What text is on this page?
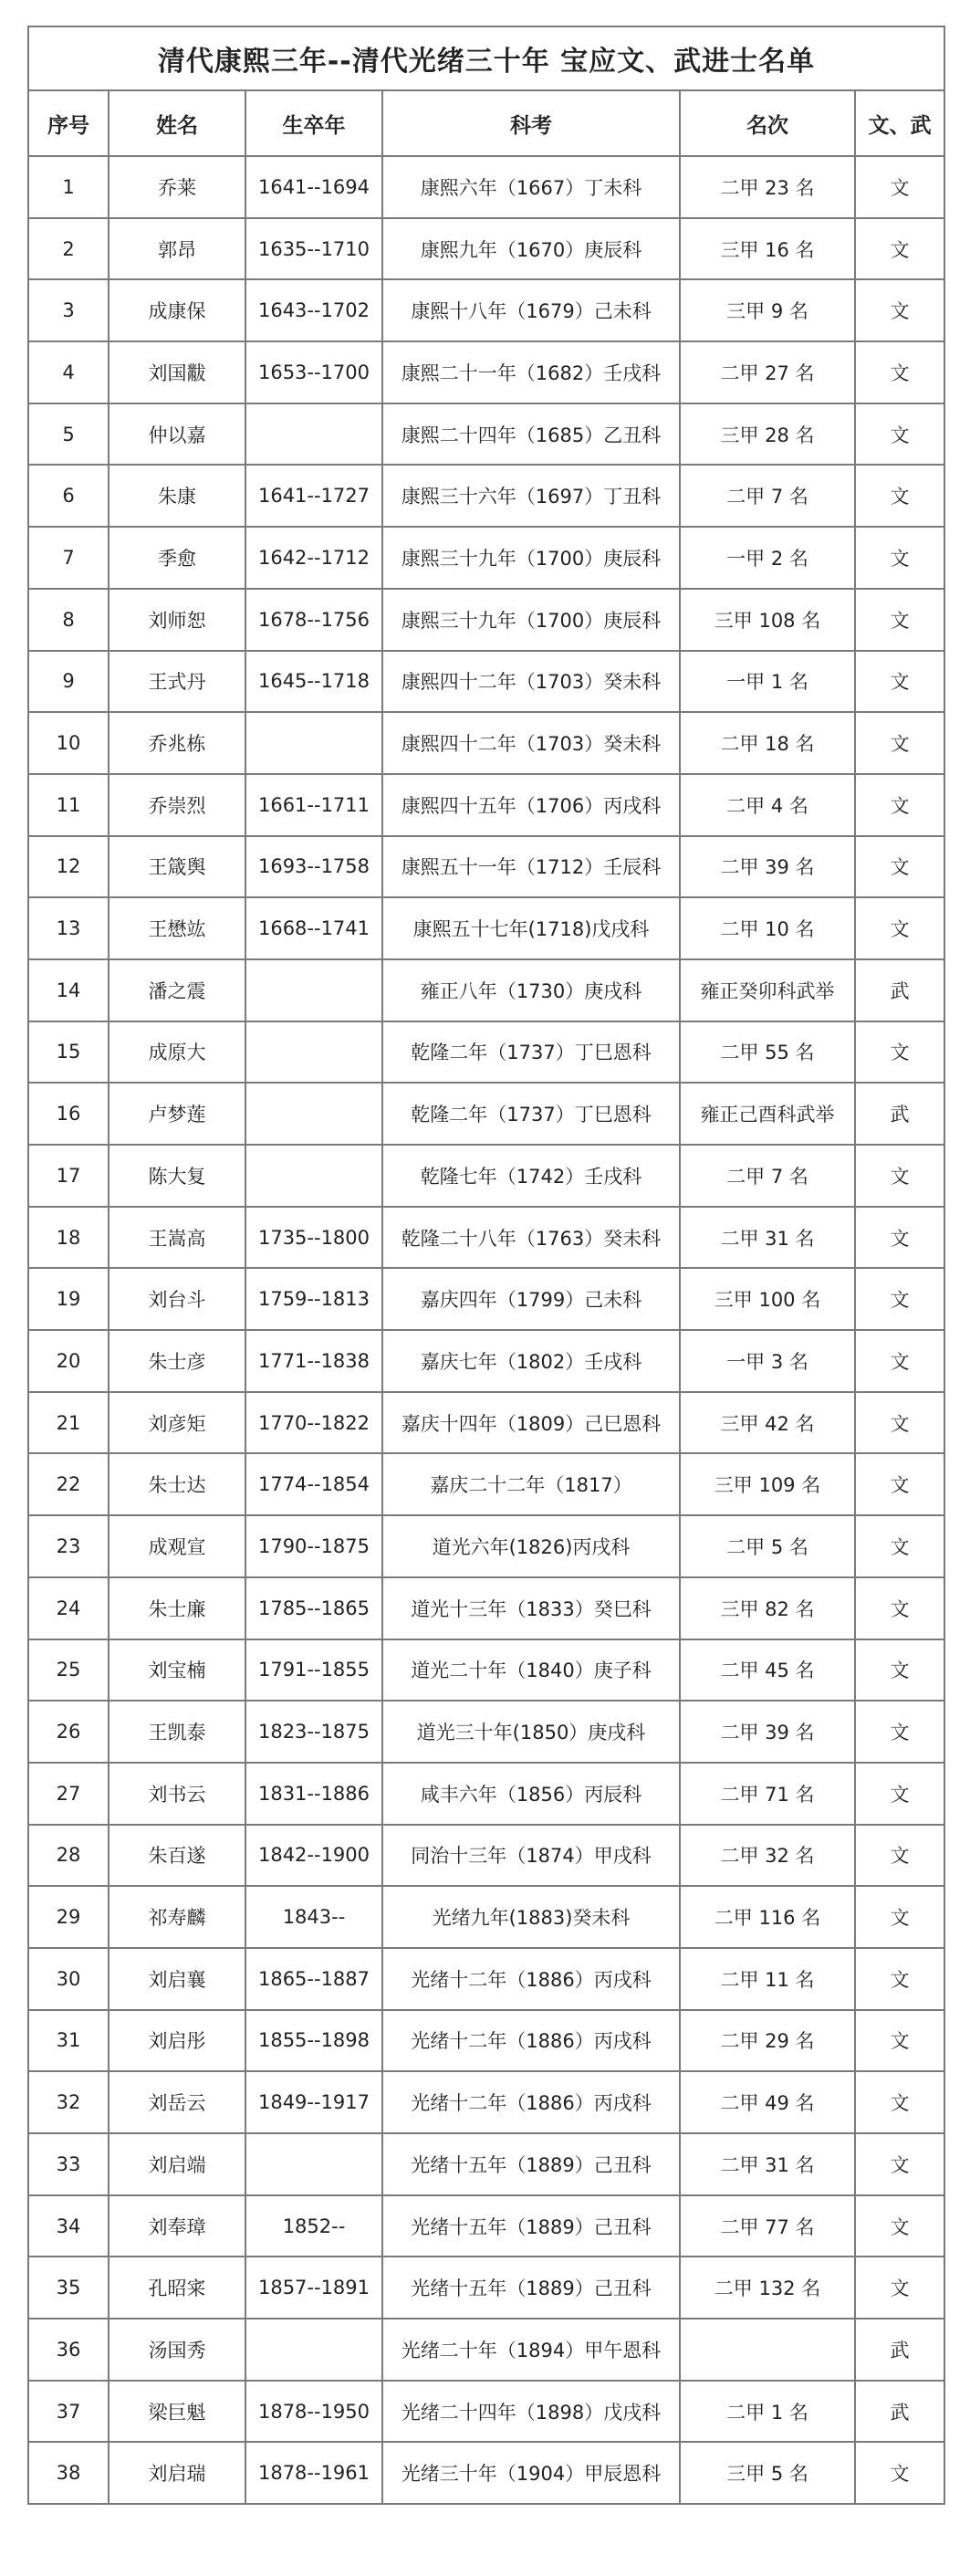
清代康熙三年--清代光绪三十年 宝应文、武进士名单					
序号	姓名	生卒年	科考	名次	文、武
1	乔莱	1641--1694	康熙六年（1667）丁未科	二甲 23 名	文
2	郭昂	1635--1710	康熙九年（1670）庚辰科	三甲 16 名	文
3	成康保	1643--1702	康熙十八年（1679）己未科	三甲 9 名	文
4	刘国黻	1653--1700	康熙二十一年（1682）壬戌科	二甲 27 名	文
5	仲以嘉		康熙二十四年（1685）乙丑科	三甲 28 名	文
6	朱康	1641--1727	康熙三十六年（1697）丁丑科	二甲 7 名	文
7	季愈	1642--1712	康熙三十九年（1700）庚辰科	一甲 2 名	文
8	刘师恕	1678--1756	康熙三十九年（1700）庚辰科	三甲 108 名	文
9	王式丹	1645--1718	康熙四十二年（1703）癸未科	一甲 1 名	文
10	乔兆栋		康熙四十二年（1703）癸未科	二甲 18 名	文
11	乔崇烈	1661--1711	康熙四十五年（1706）丙戌科	二甲 4 名	文
12	王箴舆	1693--1758	康熙五十一年（1712）壬辰科	二甲 39 名	文
13	王懋竑	1668--1741	康熙五十七年(1718)戊戌科	二甲 10 名	文
14	潘之震		雍正八年（1730）庚戌科	雍正癸卯科武举	武
15	成原大		乾隆二年（1737）丁巳恩科	二甲 55 名	文
16	卢梦莲		乾隆二年（1737）丁巳恩科	雍正己酉科武举	武
17	陈大复		乾隆七年（1742）壬戌科	二甲 7 名	文
18	王嵩高	1735--1800	乾隆二十八年（1763）癸未科	二甲 31 名	文
19	刘台斗	1759--1813	嘉庆四年（1799）己未科	三甲 100 名	文
20	朱士彦	1771--1838	嘉庆七年（1802）壬戌科	一甲 3 名	文
21	刘彦矩	1770--1822	嘉庆十四年（1809）己巳恩科	三甲 42 名	文
22	朱士达	1774--1854	嘉庆二十二年（1817）	三甲 109 名	文
23	成观宣	1790--1875	道光六年(1826)丙戌科	二甲 5 名	文
24	朱士廉	1785--1865	道光十三年（1833）癸巳科	三甲 82 名	文
25	刘宝楠	1791--1855	道光二十年（1840）庚子科	二甲 45 名	文
26	王凯泰	1823--1875	道光三十年(1850）庚戌科	二甲 39 名	文
27	刘书云	1831--1886	咸丰六年（1856）丙辰科	二甲 71 名	文
28	朱百遂	1842--1900	同治十三年（1874）甲戌科	二甲 32 名	文
29	祁寿麟	1843--	光绪九年(1883)癸未科	二甲 116 名	文
30	刘启襄	1865--1887	光绪十二年（1886）丙戌科	二甲 11 名	文
31	刘启彤	1855--1898	光绪十二年（1886）丙戌科	二甲 29 名	文
32	刘岳云	1849--1917	光绪十二年（1886）丙戌科	二甲 49 名	文
33	刘启端		光绪十五年（1889）己丑科	二甲 31 名	文
34	刘奉璋	1852--	光绪十五年（1889）己丑科	二甲 77 名	文
35	孔昭宷	1857--1891	光绪十五年（1889）己丑科	二甲 132 名	文
36	汤国秀		光绪二十年（1894）甲午恩科		武
37	梁巨魁	1878--1950	光绪二十四年（1898）戊戌科	二甲 1 名	武
38	刘启瑞	1878--1961	光绪三十年（1904）甲辰恩科	三甲 5 名	文
